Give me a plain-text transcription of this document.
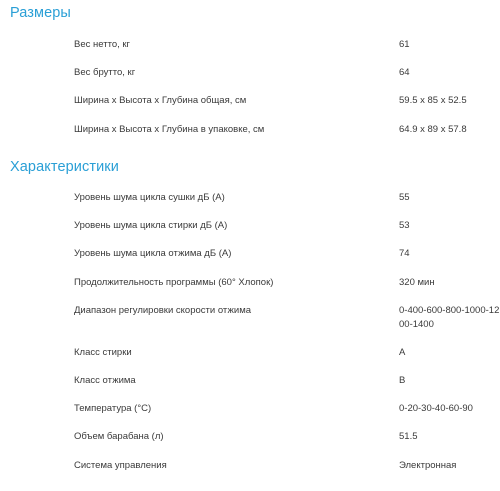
Размеры
Вес нетто, кг	61
Вес брутто, кг	64
Ширина x Высота x Глубина общая, см	59.5 x 85 x 52.5
Ширина x Высота x Глубина в упаковке, см	64.9 x 89 x 57.8
Характеристики
Уровень шума цикла сушки дБ (A)	55
Уровень шума цикла стирки дБ (A)	53
Уровень шума цикла отжима дБ (A)	74
Продолжительность программы (60° Хлопок)	320 мин
Диапазон регулировки скорости отжима	0-400-600-800-1000-1200-1400
Класс стирки	A
Класс отжима	B
Температура (°C)	0-20-30-40-60-90
Объем барабана (л)	51.5
Система управления	Электронная
